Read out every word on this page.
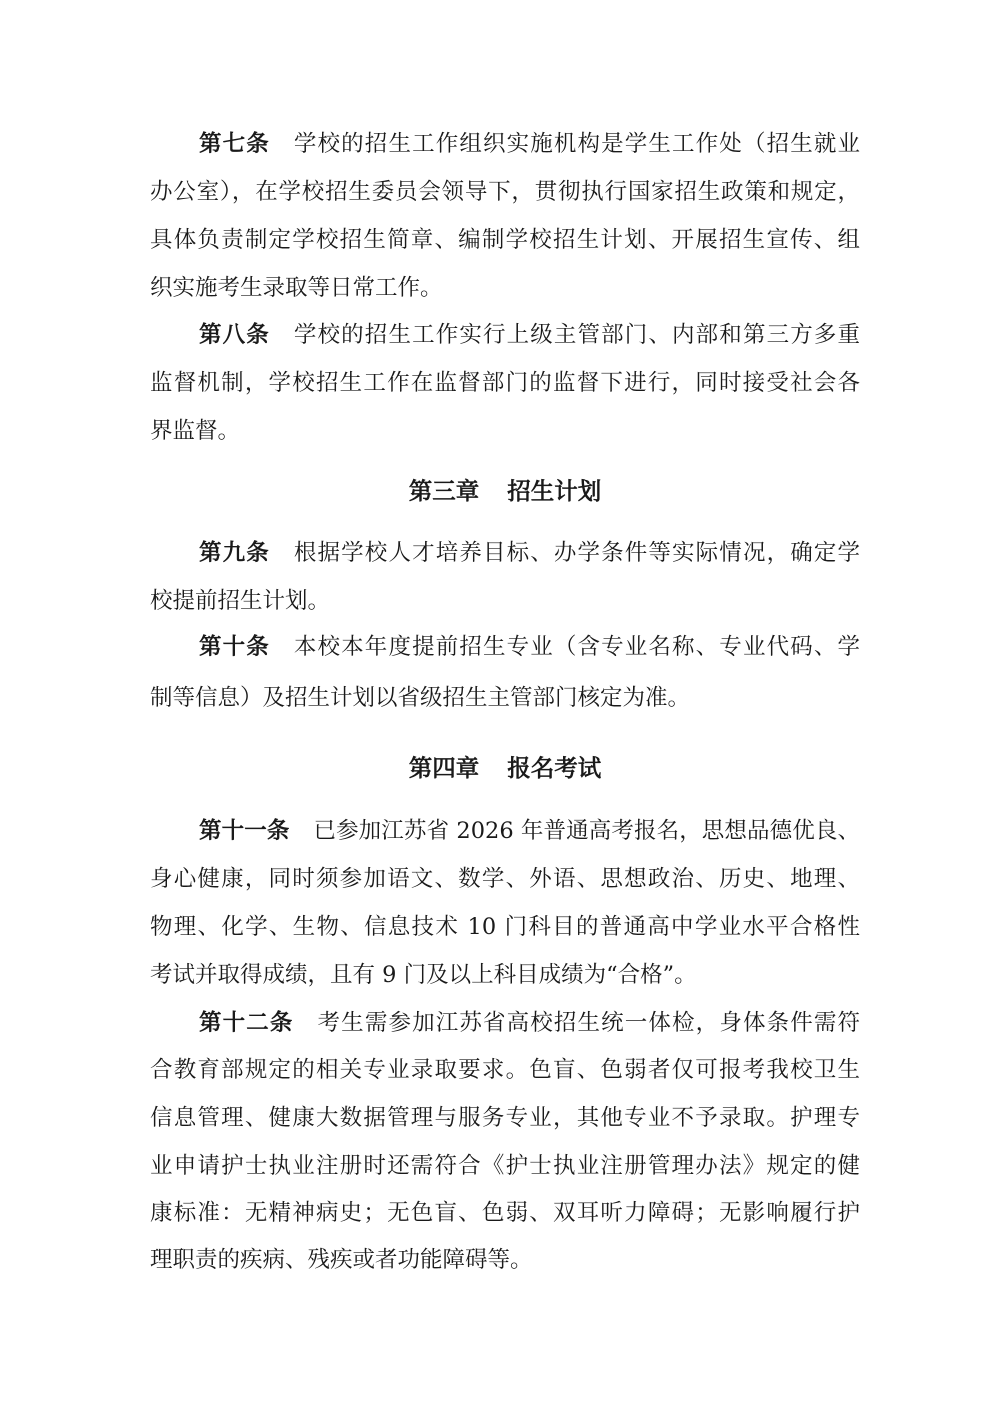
第七条 学校的招生工作组织实施机构是学生工作处（招生就业
办公室），在学校招生委员会领导下，贯彻执行国家招生政策和规定，
具体负责制定学校招生简章、编制学校招生计划、开展招生宣传、组
织实施考生录取等日常工作。
第八条 学校的招生工作实行上级主管部门、内部和第三方多重
监督机制，学校招生工作在监督部门的监督下进行，同时接受社会各
界监督。
第三章 招生计划
第九条 根据学校人才培养目标、办学条件等实际情况，确定学
校提前招生计划。
第十条 本校本年度提前招生专业（含专业名称、专业代码、学
制等信息）及招生计划以省级招生主管部门核定为准。
第四章 报名考试
第十一条 已参加江苏省 2026 年普通高考报名，思想品德优良、
身心健康，同时须参加语文、数学、外语、思想政治、历史、地理、
物理、化学、生物、信息技术 10 门科目的普通高中学业水平合格性
考试并取得成绩，且有 9 门及以上科目成绩为“合格”。
第十二条 考生需参加江苏省高校招生统一体检，身体条件需符
合教育部规定的相关专业录取要求。色盲、色弱者仅可报考我校卫生
信息管理、健康大数据管理与服务专业，其他专业不予录取。护理专
业申请护士执业注册时还需符合《护士执业注册管理办法》规定的健
康标准：无精神病史；无色盲、色弱、双耳听力障碍；无影响履行护
理职责的疾病、残疾或者功能障碍等。
